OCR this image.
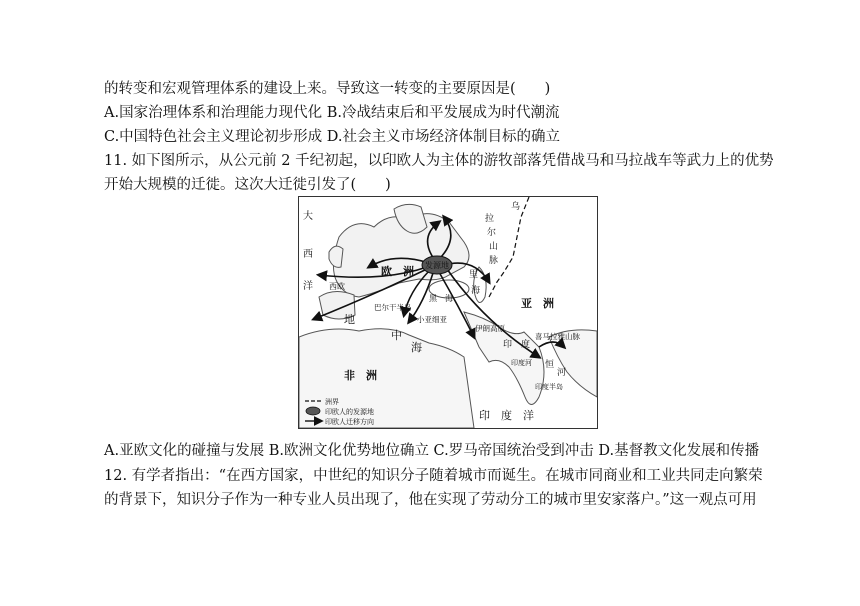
的转变和宏观管理体系的建设上来。导致这一转变的主要原因是(　　)
A.国家治理体系和治理能力现代化 B.冷战结束后和平发展成为时代潮流
C.中国特色社会主义理论初步形成 D.社会主义市场经济体制目标的确立
11. 如下图所示，从公元前 2 千纪初起，以印欧人为主体的游牧部落凭借战马和马拉战车等武力上的优势
开始大规模的迁徙。这次大迁徙引发了(　　)
发源地
大
西
洋
欧　洲
西欧
巴尔干半岛
黑　海
小亚细亚
地
中
海
非　洲
亚　洲
伊朗高原
里
海
乌
拉
尔
山
脉
印　度
喜马拉雅山脉
恒
河
印度河
印度半岛
印　度　洋
洲界
印欧人的发源地
印欧人迁移方向
A.亚欧文化的碰撞与发展 B.欧洲文化优势地位确立 C.罗马帝国统治受到冲击 D.基督教文化发展和传播
12. 有学者指出：“在西方国家，中世纪的知识分子随着城市而诞生。在城市同商业和工业共同走向繁荣
的背景下，知识分子作为一种专业人员出现了，他在实现了劳动分工的城市里安家落户。”这一观点可用
